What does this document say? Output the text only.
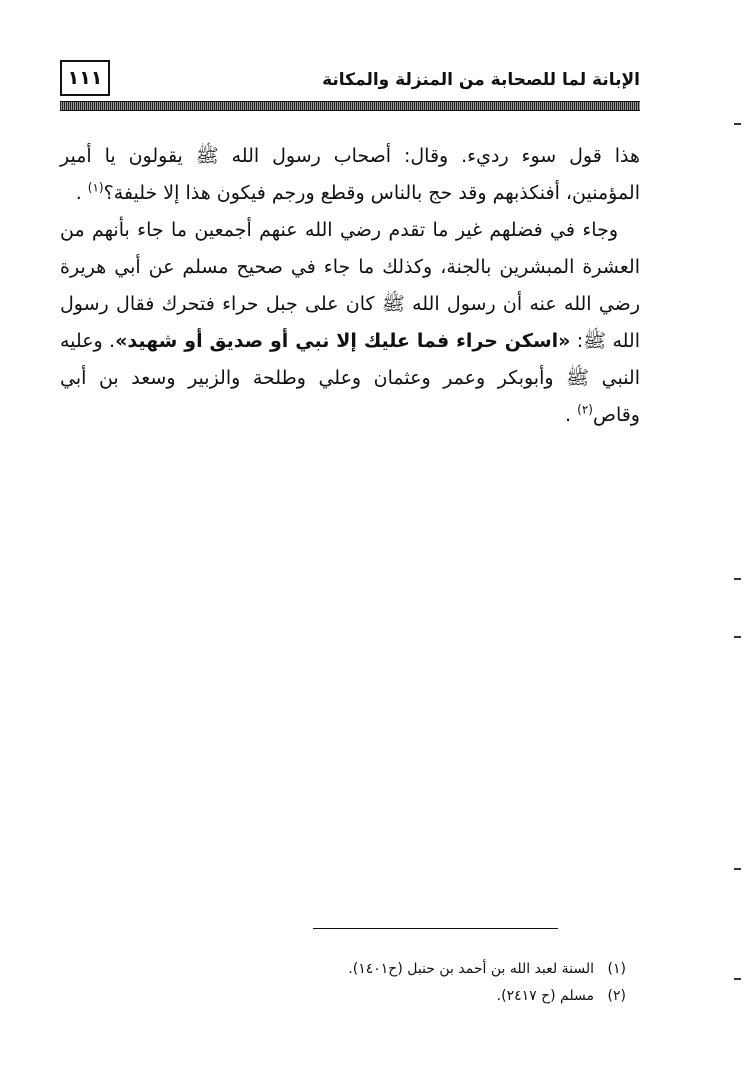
١١١	الإبانة لما للصحابة من المنزلة والمكانة

هذا قول سوء رديء. وقال: أصحاب رسول الله ﷺ يقولون يا أمير المؤمنين، أفنكذبهم وقد حج بالناس وقطع ورجم فيكون هذا إلا خليفة؟$^{(١)}$ .

وجاء في فضلهم غير ما تقدم رضي الله عنهم أجمعين ما جاء بأنهم من العشرة المبشرين بالجنة، وكذلك ما جاء في صحيح مسلم عن أبي هريرة رضي الله عنه أن رسول الله ﷺ كان على جبل حراء فتحرك فقال رسول الله ﷺ: «اسكن حراء فما عليك إلا نبي أو صديق أو شهيد». وعليه النبي ﷺ وأبوبكر وعمر وعثمان وعلي وطلحة والزبير وسعد بن أبي وقاص$^{(٢)}$ .

(١)
السنة لعبد الله بن أحمد بن حنبل (ح١٤٠١).
(٢)
مسلم (ح ٢٤١٧).
